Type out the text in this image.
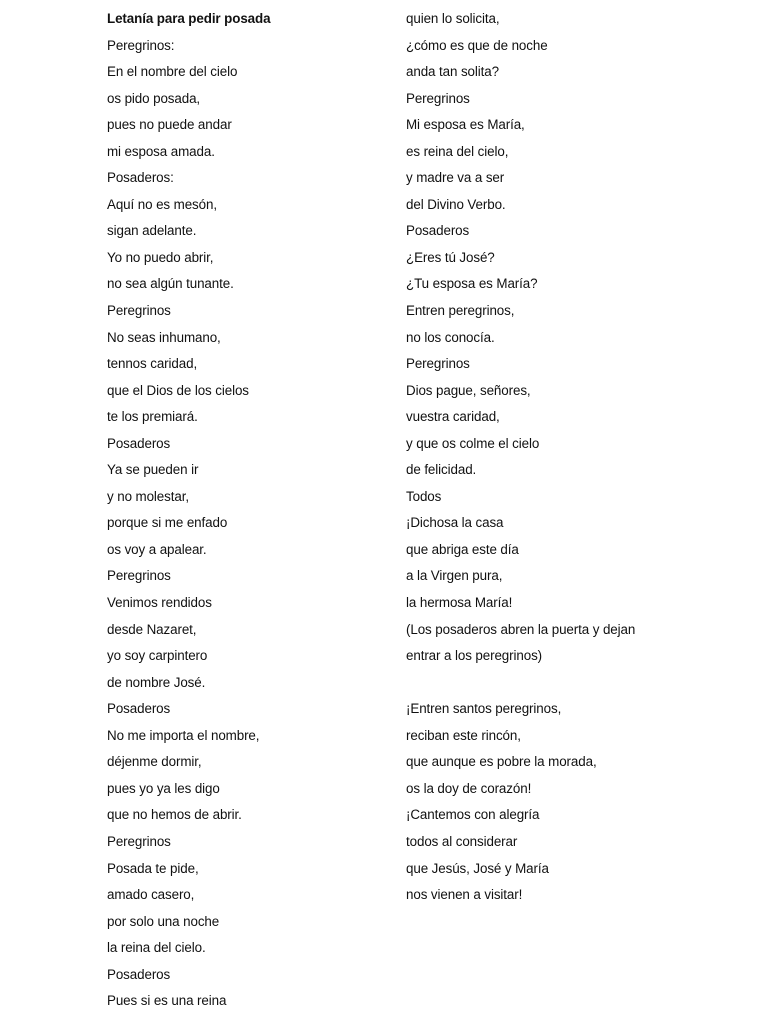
Letanía para pedir posada
Peregrinos:
En el nombre del cielo
os pido posada,
pues no puede andar
mi esposa amada.
Posaderos:
Aquí no es mesón,
sigan adelante.
Yo no puedo abrir,
no sea algún tunante.
Peregrinos
No seas inhumano,
tennos caridad,
que el Dios de los cielos
te los premiará.
Posaderos
Ya se pueden ir
y no molestar,
porque si me enfado
os voy a apalear.
Peregrinos
Venimos rendidos
desde Nazaret,
yo soy carpintero
de nombre José.
Posaderos
No me importa el nombre,
déjenme dormir,
pues yo ya les digo
que no hemos de abrir.
Peregrinos
Posada te pide,
amado casero,
por solo una noche
la reina del cielo.
Posaderos
Pues si es una reina
quien lo solicita,
¿cómo es que de noche
anda tan solita?
Peregrinos
Mi esposa es María,
es reina del cielo,
y madre va a ser
del Divino Verbo.
Posaderos
¿Eres tú José?
¿Tu esposa es María?
Entren peregrinos,
no los conocía.
Peregrinos
Dios pague, señores,
vuestra caridad,
y que os colme el cielo
de felicidad.
Todos
¡Dichosa la casa
que abriga este día
a la Virgen pura,
la hermosa María!
(Los posaderos abren la puerta y dejan
entrar a los peregrinos)
¡Entren santos peregrinos,
reciban este rincón,
que aunque es pobre la morada,
os la doy de corazón!
¡Cantemos con alegría
todos al considerar
que Jesús, José y María
nos vienen a visitar!
